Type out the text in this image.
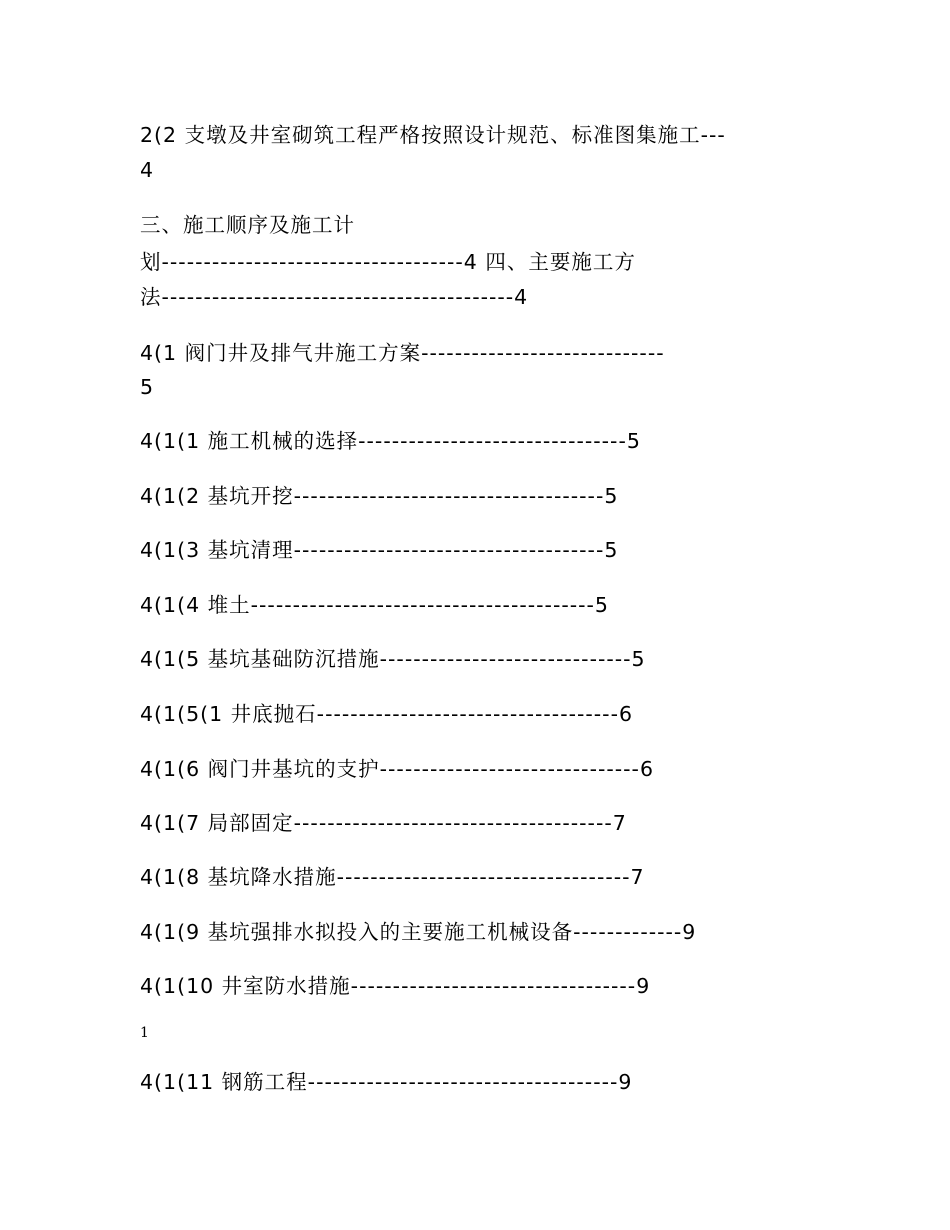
2(2 支墩及井室砌筑工程严格按照设计规范、标准图集施工---
4
三、施工顺序及施工计
划------------------------------------4 四、主要施工方
法------------------------------------------4
4(1 阀门井及排气井施工方案-----------------------------
5
4(1(1 施工机械的选择--------------------------------5
4(1(2 基坑开挖-------------------------------------5
4(1(3 基坑清理-------------------------------------5
4(1(4 堆土-----------------------------------------5
4(1(5 基坑基础防沉措施------------------------------5
4(1(5(1 井底抛石------------------------------------6
4(1(6 阀门井基坑的支护-------------------------------6
4(1(7 局部固定--------------------------------------7
4(1(8 基坑降水措施-----------------------------------7
4(1(9 基坑强排水拟投入的主要施工机械设备-------------9
4(1(10 井室防水措施----------------------------------9
1
4(1(11 钢筋工程-------------------------------------9
